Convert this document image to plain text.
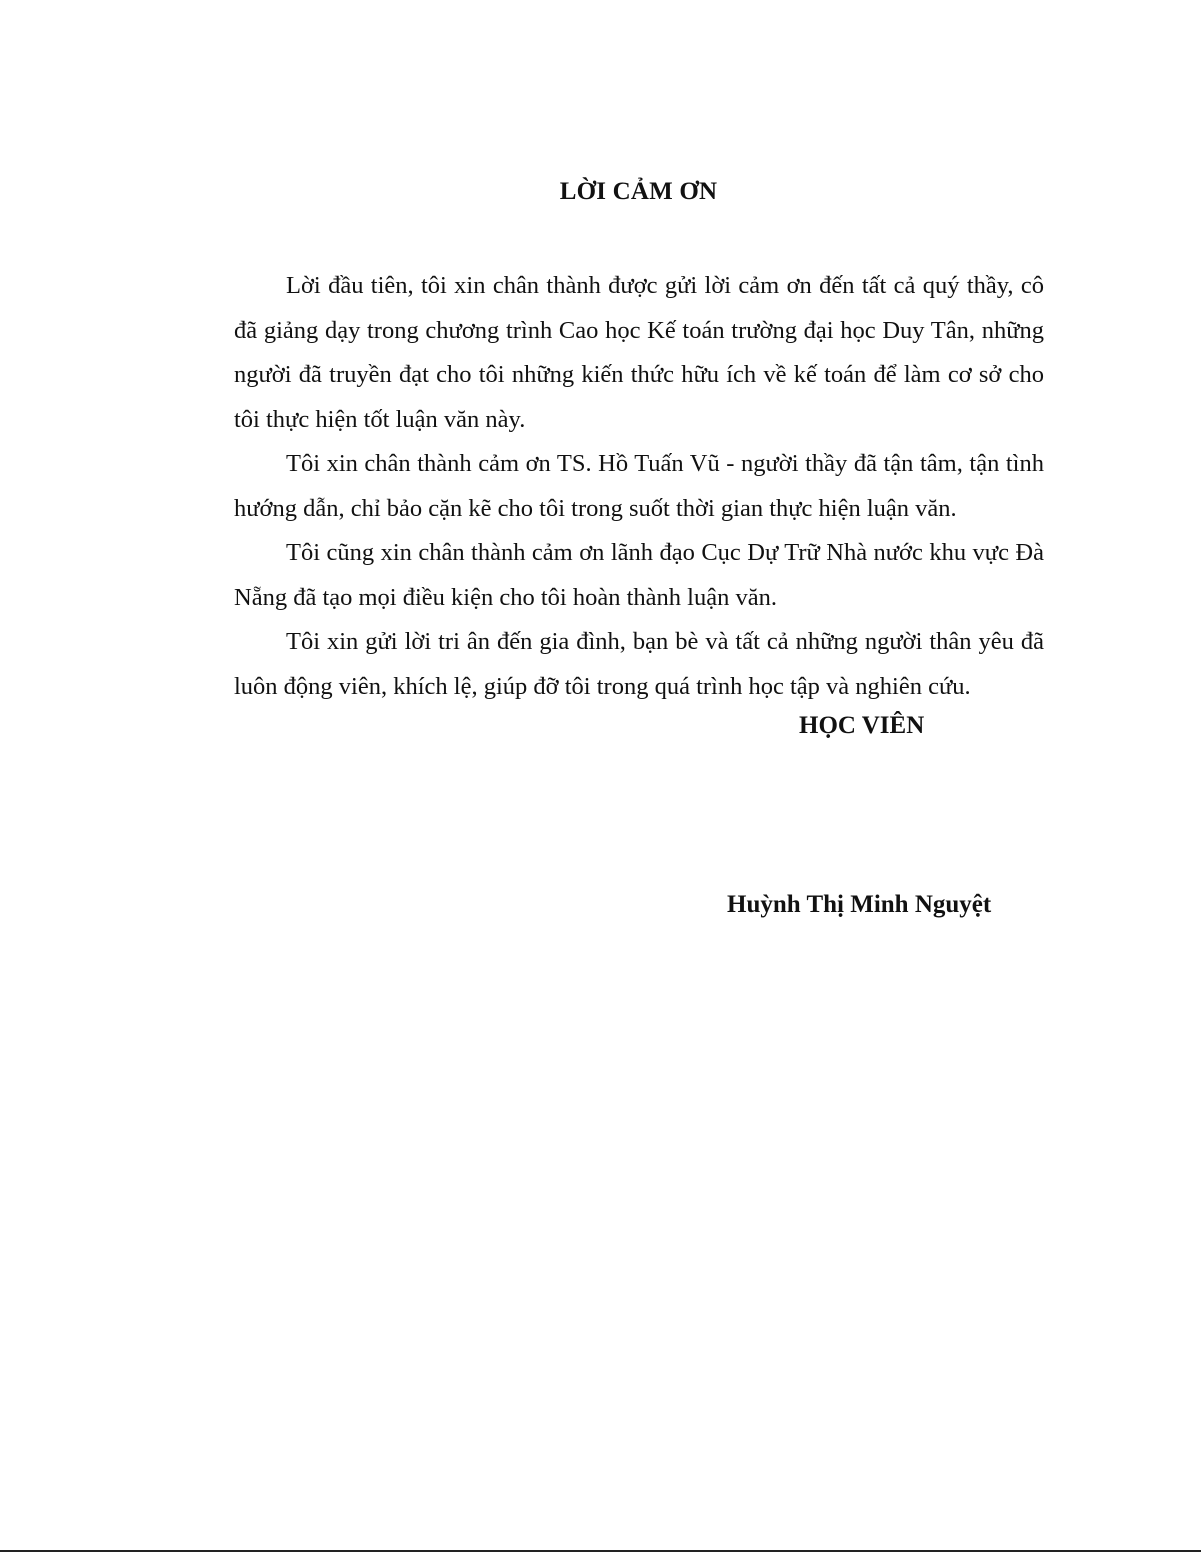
LỜI CẢM ƠN

Lời đầu tiên, tôi xin chân thành được gửi lời cảm ơn đến tất cả quý thầy, cô đã giảng dạy trong chương trình Cao học Kế toán trường đại học Duy Tân, những người đã truyền đạt cho tôi những kiến thức hữu ích về kế toán để làm cơ sở cho tôi thực hiện tốt luận văn này.

Tôi xin chân thành cảm ơn TS. Hồ Tuấn Vũ - người thầy đã tận tâm, tận tình hướng dẫn, chỉ bảo cặn kẽ cho tôi trong suốt thời gian thực hiện luận văn.

Tôi cũng xin chân thành cảm ơn lãnh đạo Cục Dự Trữ Nhà nước khu vực Đà Nẵng đã tạo mọi điều kiện cho tôi hoàn thành luận văn.

Tôi xin gửi lời tri ân đến gia đình, bạn bè và tất cả những người thân yêu đã luôn động viên, khích lệ, giúp đỡ tôi trong quá trình học tập và nghiên cứu.

HỌC VIÊN
Huỳnh Thị Minh Nguyệt
